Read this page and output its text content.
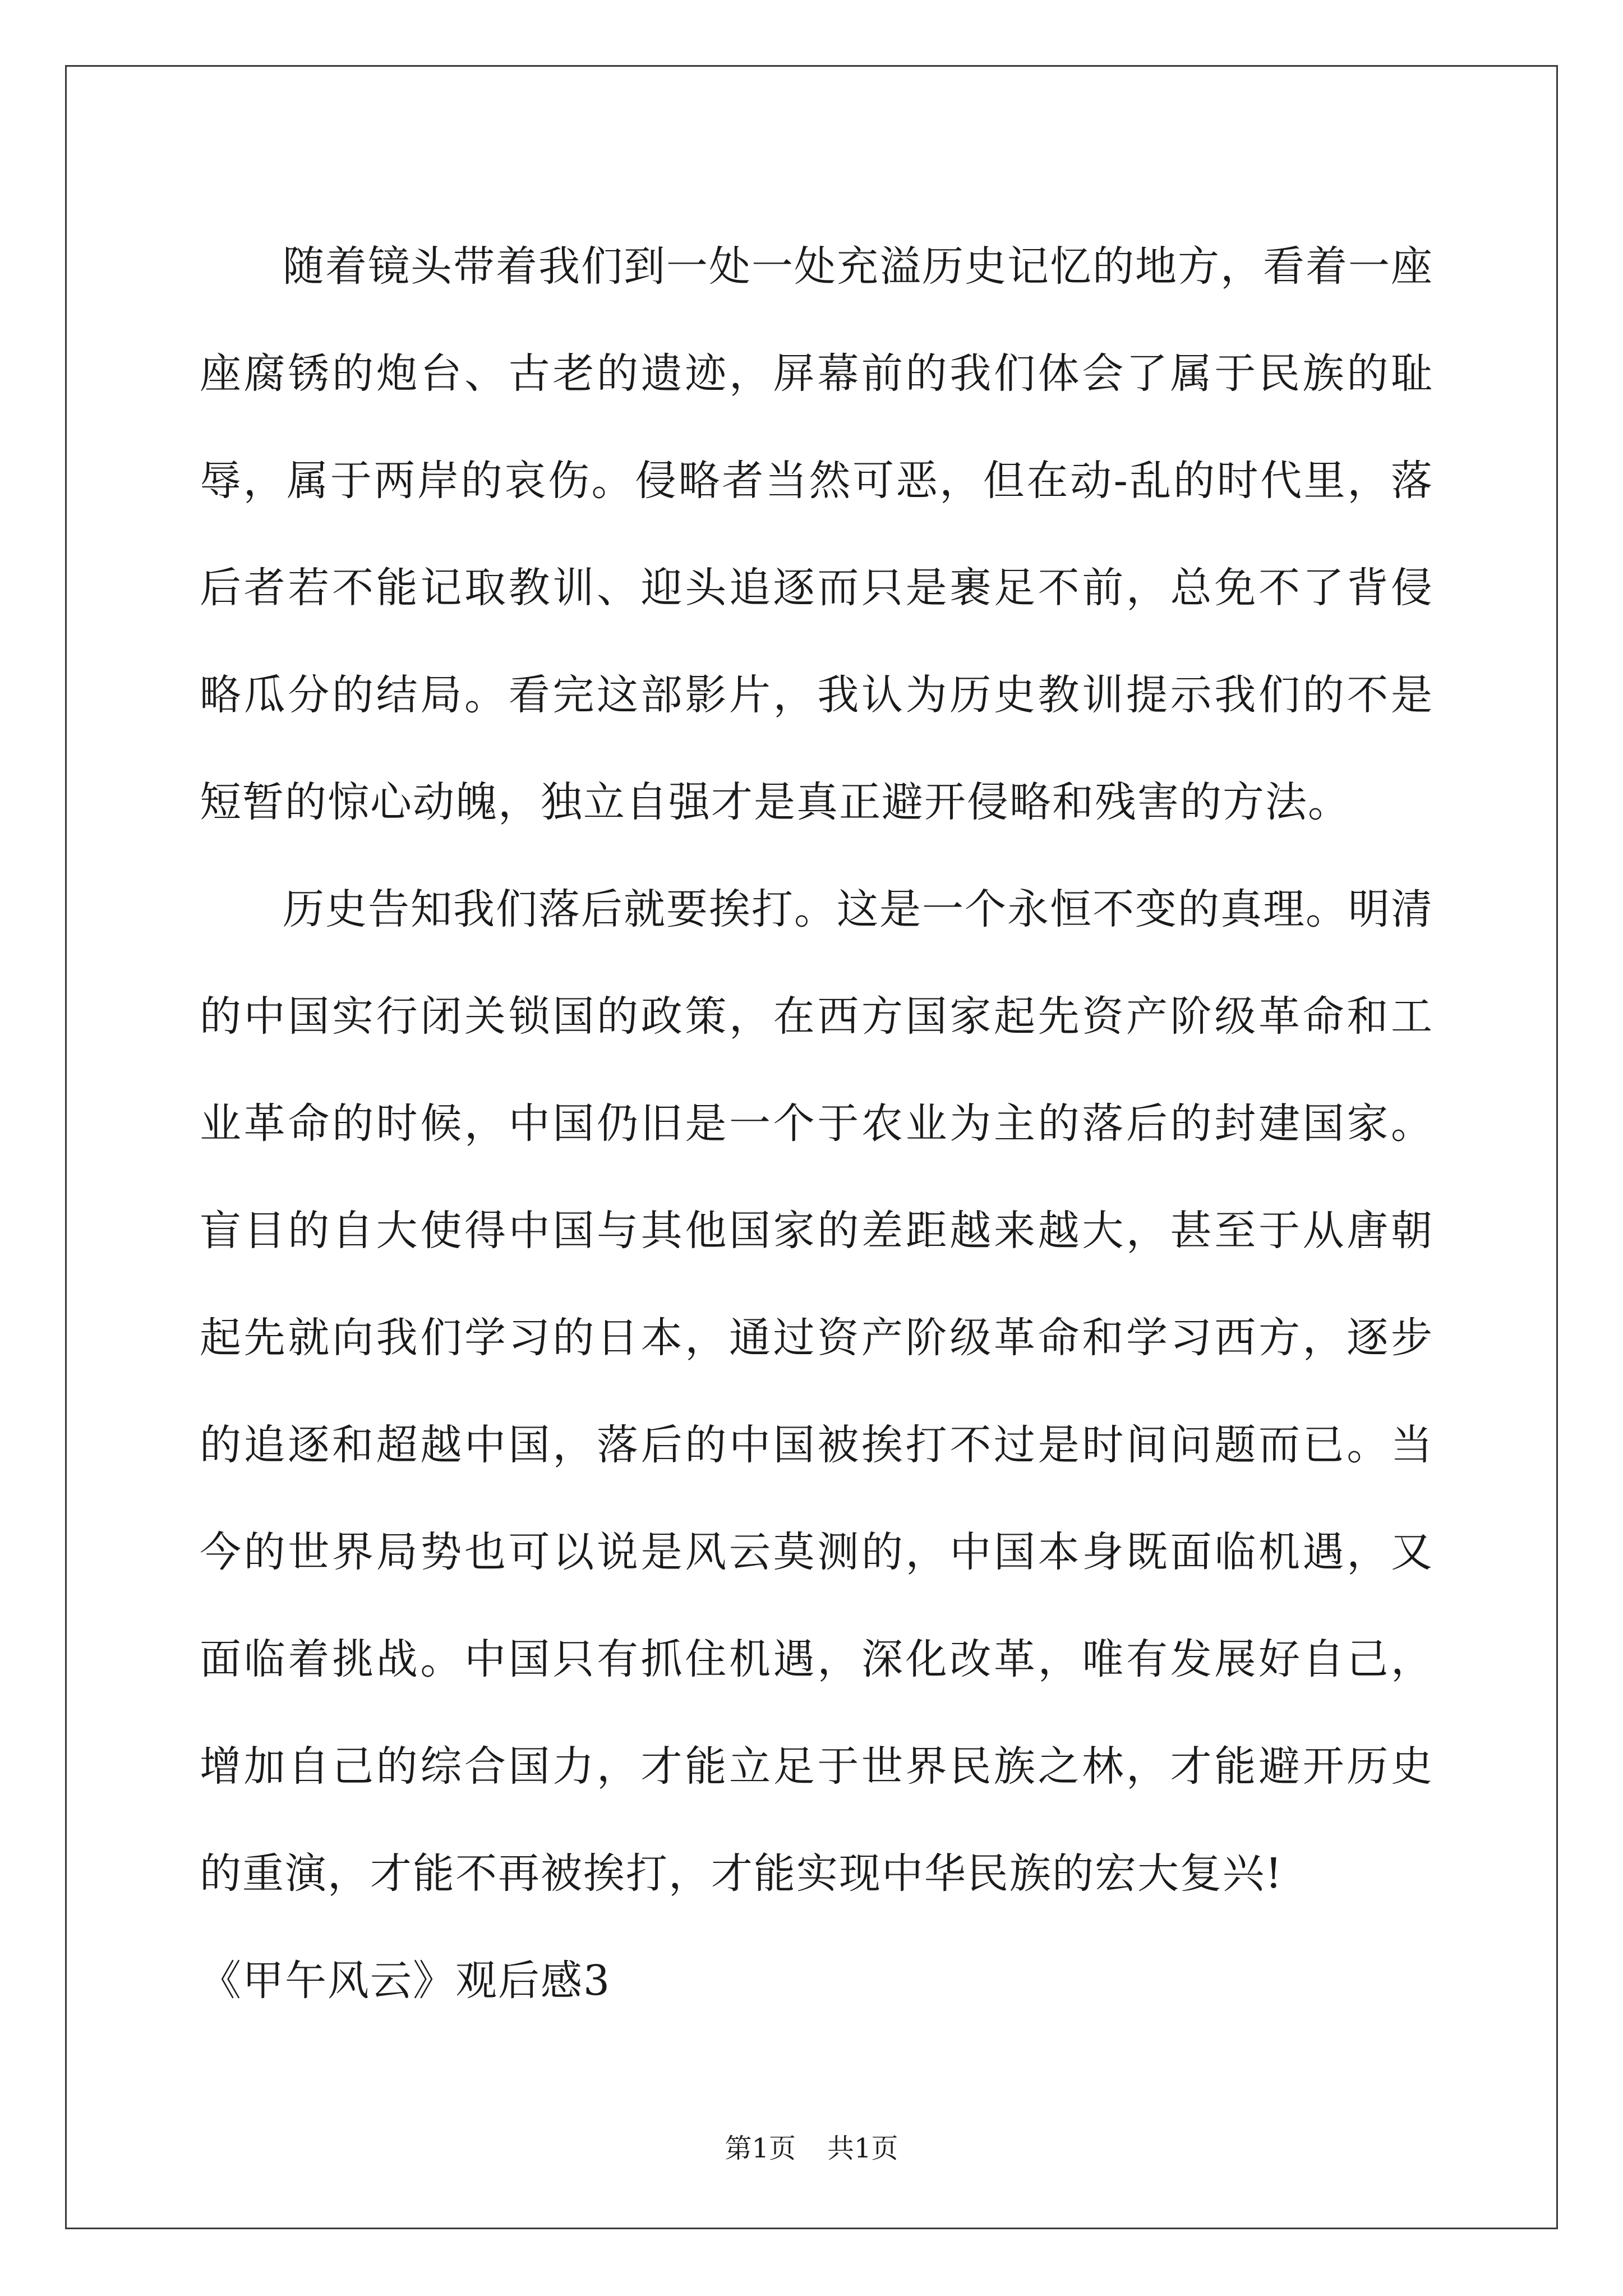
随着镜头带着我们到一处一处充溢历史记忆的地方，看着一座座腐锈的炮台、古老的遗迹，屏幕前的我们体会了属于民族的耻辱，属于两岸的哀伤。侵略者当然可恶，但在动-乱的时代里，落后者若不能记取教训、迎头追逐而只是裹足不前，总免不了背侵略瓜分的结局。看完这部影片，我认为历史教训提示我们的不是短暂的惊心动魄，独立自强才是真正避开侵略和残害的方法。

历史告知我们落后就要挨打。这是一个永恒不变的真理。明清的中国实行闭关锁国的政策，在西方国家起先资产阶级革命和工业革命的时候，中国仍旧是一个于农业为主的落后的封建国家。盲目的自大使得中国与其他国家的差距越来越大，甚至于从唐朝起先就向我们学习的日本，通过资产阶级革命和学习西方，逐步的追逐和超越中国，落后的中国被挨打不过是时间问题而已。当今的世界局势也可以说是风云莫测的，中国本身既面临机遇，又面临着挑战。中国只有抓住机遇，深化改革，唯有发展好自己，增加自己的综合国力，才能立足于世界民族之林，才能避开历史的重演，才能不再被挨打，才能实现中华民族的宏大复兴!

《甲午风云》观后感3

第1页 共1页
